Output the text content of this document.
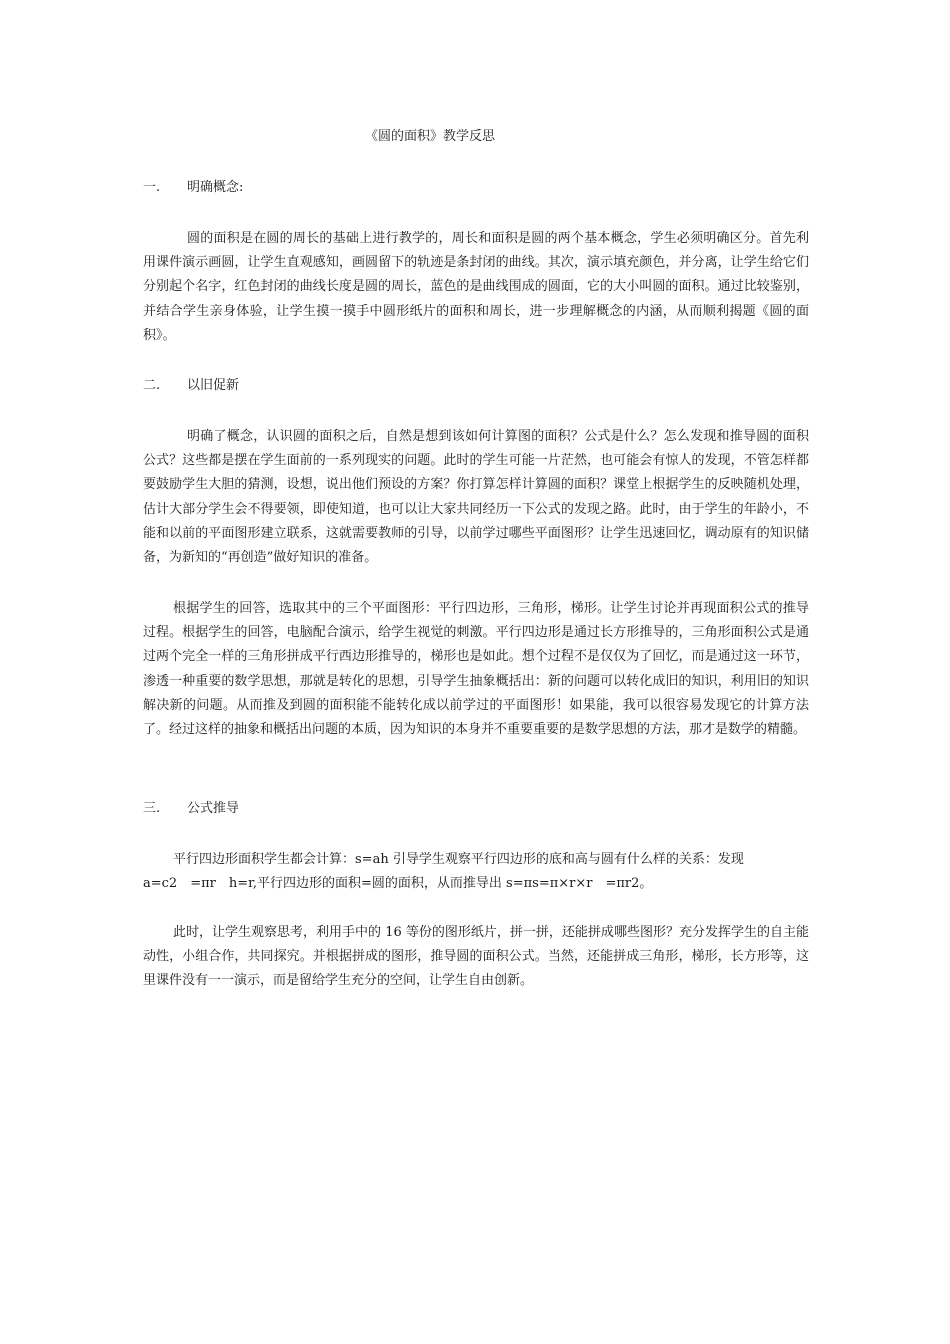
《圆的面积》教学反思
一. 明确概念:

圆的面积是在圆的周长的基础上进行教学的，周长和面积是圆的两个基本概念，学生必须明确区分。首先利用课件演示画圆，让学生直观感知，画圆留下的轨迹是条封闭的曲线。其次，演示填充颜色，并分离，让学生给它们分别起个名字，红色封闭的曲线长度是圆的周长，蓝色的是曲线围成的圆面，它的大小叫圆的面积。通过比较鉴别，并结合学生亲身体验，让学生摸一摸手中圆形纸片的面积和周长，进一步理解概念的内涵，从而顺利揭题《圆的面积》。

二. 以旧促新

明确了概念，认识圆的面积之后，自然是想到该如何计算图的面积？公式是什么？怎么发现和推导圆的面积公式？这些都是摆在学生面前的一系列现实的问题。此时的学生可能一片茫然，也可能会有惊人的发现，不管怎样都要鼓励学生大胆的猜测，设想，说出他们预设的方案？你打算怎样计算圆的面积？课堂上根据学生的反映随机处理，估计大部分学生会不得要领，即使知道，也可以让大家共同经历一下公式的发现之路。此时，由于学生的年龄小，不能和以前的平面图形建立联系，这就需要教师的引导，以前学过哪些平面图形？让学生迅速回忆，调动原有的知识储备，为新知的“再创造”做好知识的准备。

根据学生的回答，选取其中的三个平面图形：平行四边形，三角形，梯形。让学生讨论并再现面积公式的推导过程。根据学生的回答，电脑配合演示，给学生视觉的刺激。平行四边形是通过长方形推导的，三角形面积公式是通过两个完全一样的三角形拼成平行西边形推导的，梯形也是如此。想个过程不是仅仅为了回忆，而是通过这一环节，渗透一种重要的数学思想，那就是转化的思想，引导学生抽象概括出：新的问题可以转化成旧的知识，利用旧的知识解决新的问题。从而推及到圆的面积能不能转化成以前学过的平面图形！如果能，我可以很容易发现它的计算方法了。经过这样的抽象和概括出问题的本质，因为知识的本身并不重要重要的是数学思想的方法，那才是数学的精髓。

三. 公式推导
平行四边形面积学生都会计算：s=ah 引导学生观察平行四边形的底和高与圆有什么样的关系：发现
a=c2　=πr　h=r,平行四边形的面积=圆的面积，从而推导出 s=πs=π×r×r　=πr2。

此时，让学生观察思考，利用手中的 16 等份的图形纸片，拼一拼，还能拼成哪些图形？充分发挥学生的自主能动性，小组合作，共同探究。并根据拼成的图形，推导圆的面积公式。当然，还能拼成三角形，梯形，长方形等，这里课件没有一一演示，而是留给学生充分的空间，让学生自由创新。
